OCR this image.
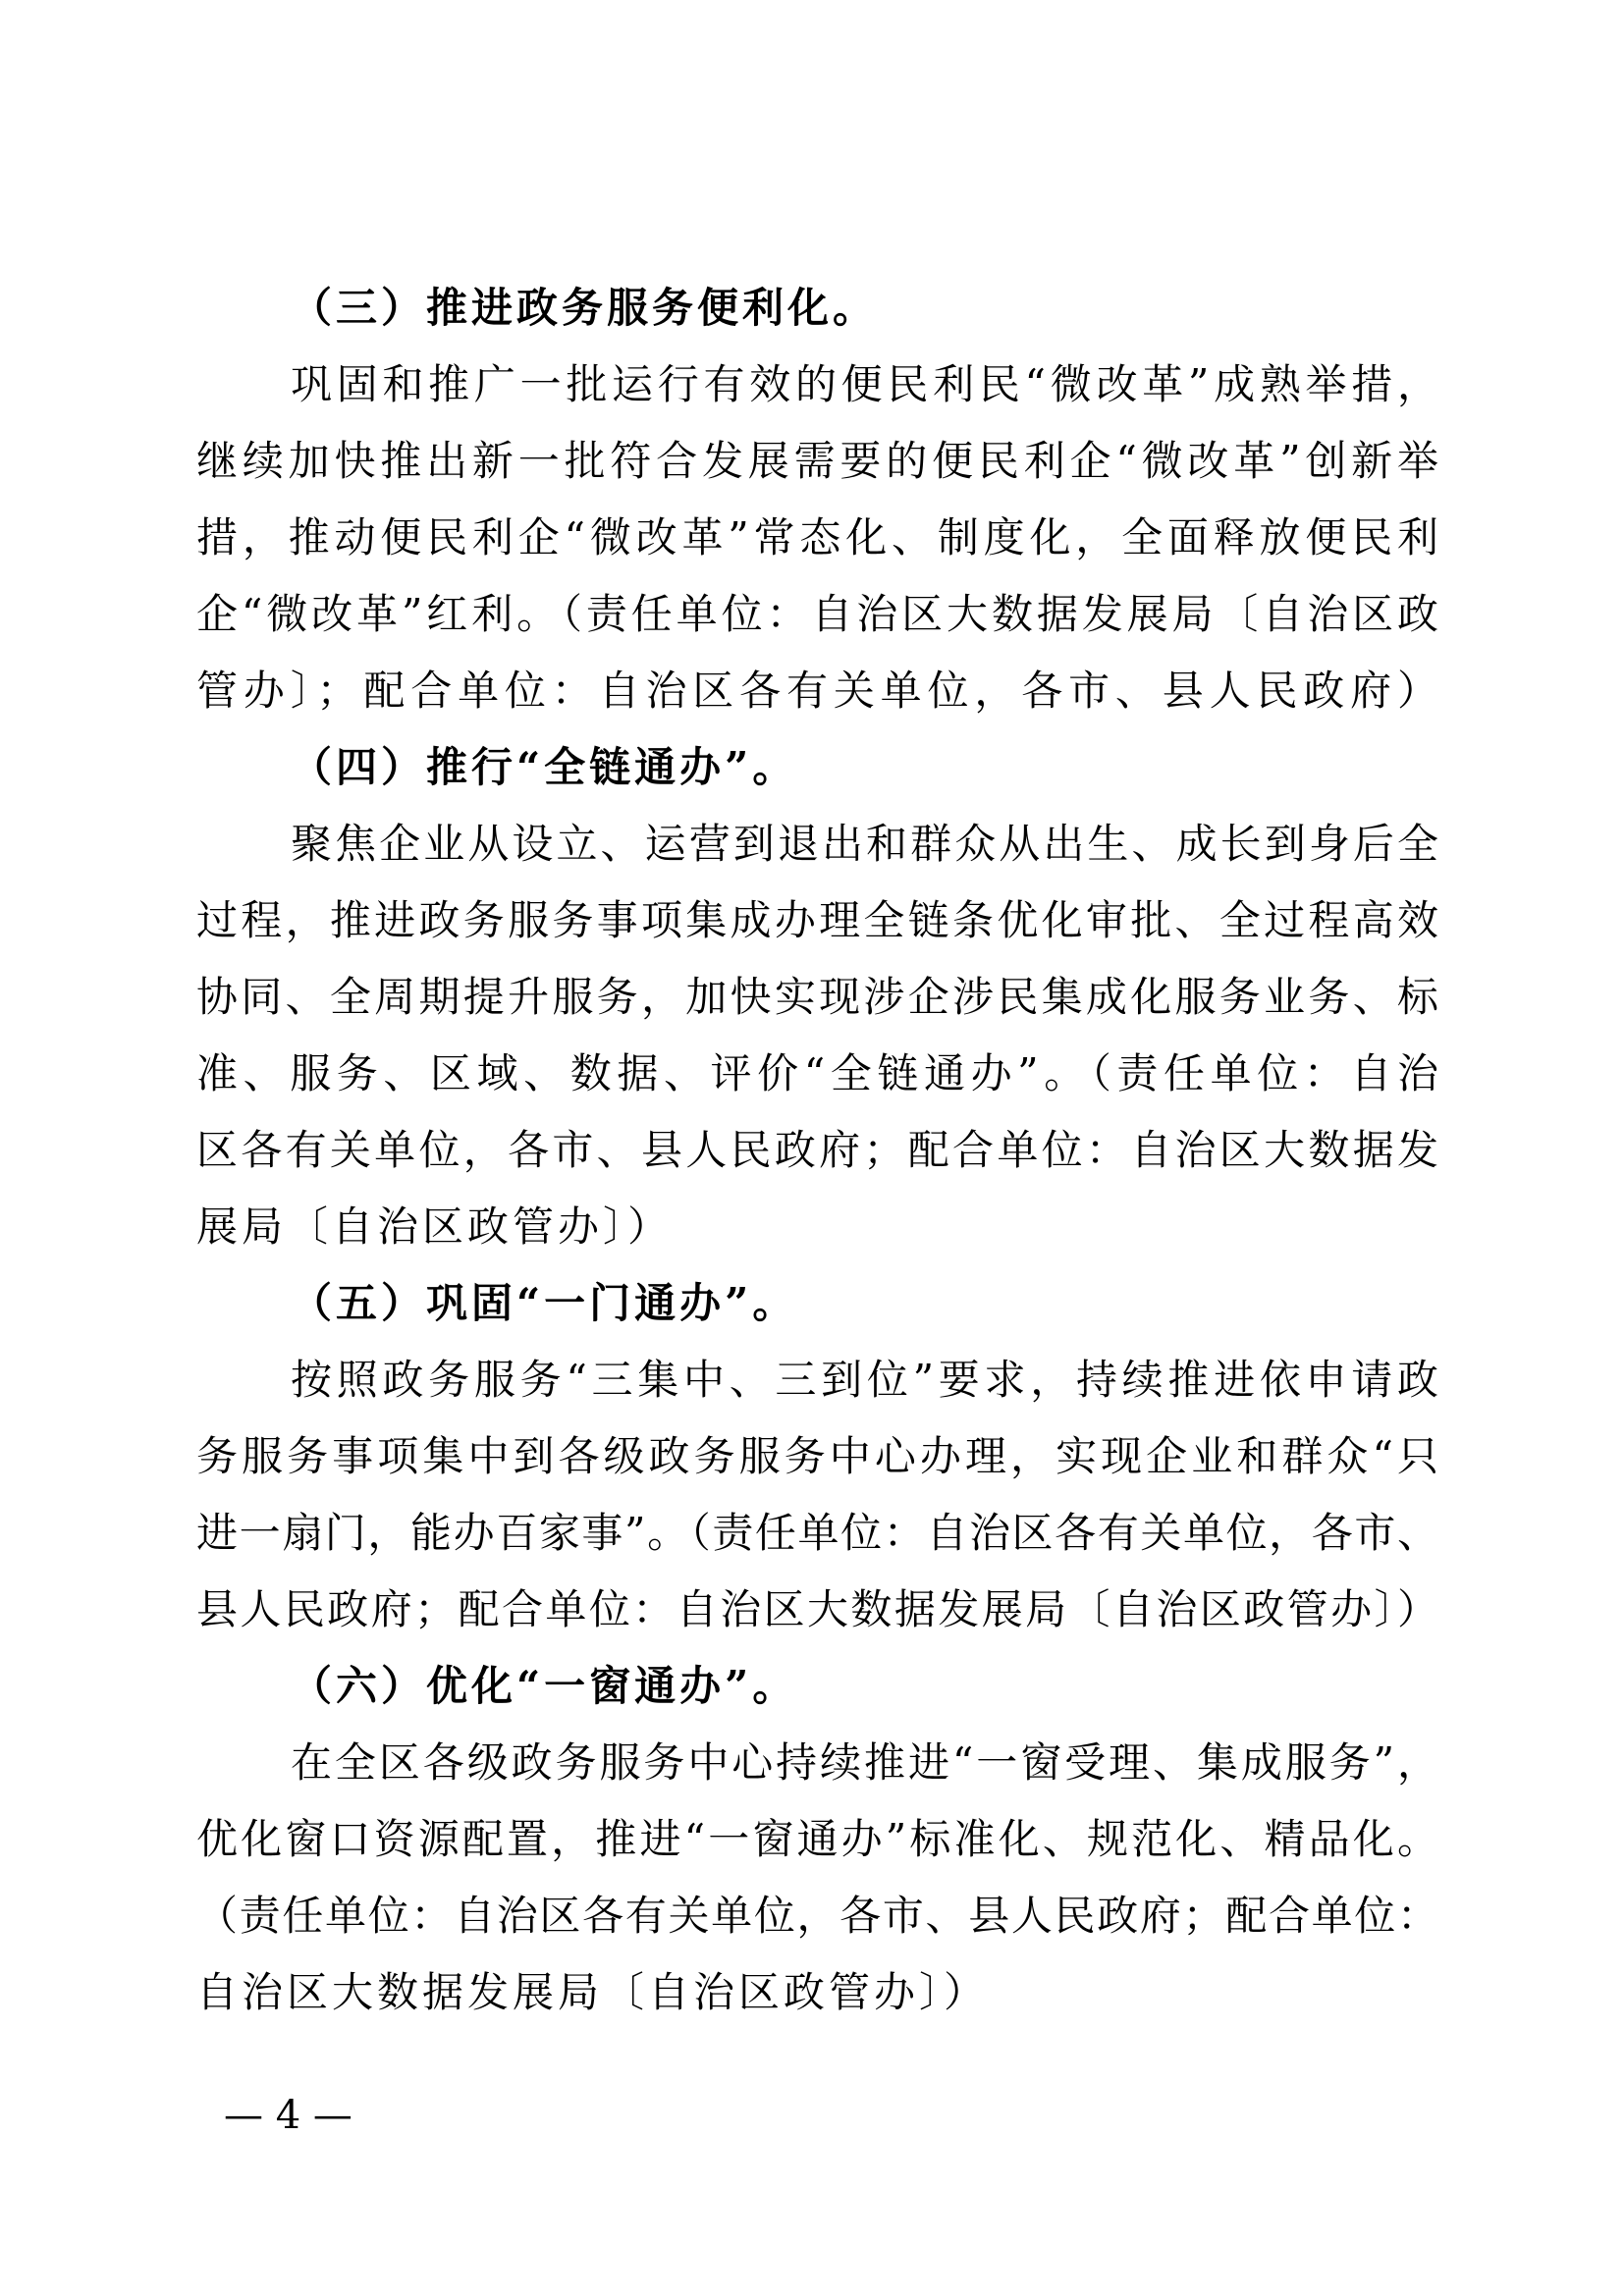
（三）推进政务服务便利化。
巩固和推广一批运行有效的便民利民“微改革”成熟举措，
继续加快推出新一批符合发展需要的便民利企“微改革”创新举
措，推动便民利企“微改革”常态化、制度化，全面释放便民利
企“微改革”红利。（责任单位：自治区大数据发展局〔自治区政
管办〕；配合单位：自治区各有关单位，各市、县人民政府）
（四）推行“全链通办”。
聚焦企业从设立、运营到退出和群众从出生、成长到身后全
过程，推进政务服务事项集成办理全链条优化审批、全过程高效
协同、全周期提升服务，加快实现涉企涉民集成化服务业务、标
准、服务、区域、数据、评价“全链通办”。（责任单位：自治
区各有关单位，各市、县人民政府；配合单位：自治区大数据发
展局〔自治区政管办〕）
（五）巩固“一门通办”。
按照政务服务“三集中、三到位”要求，持续推进依申请政
务服务事项集中到各级政务服务中心办理，实现企业和群众“只
进一扇门，能办百家事”。（责任单位：自治区各有关单位，各市、
县人民政府；配合单位：自治区大数据发展局〔自治区政管办〕）
（六）优化“一窗通办”。
在全区各级政务服务中心持续推进“一窗受理、集成服务”，
优化窗口资源配置，推进“一窗通办”标准化、规范化、精品化。
（责任单位：自治区各有关单位，各市、县人民政府；配合单位：
自治区大数据发展局〔自治区政管办〕）
— 4 —
